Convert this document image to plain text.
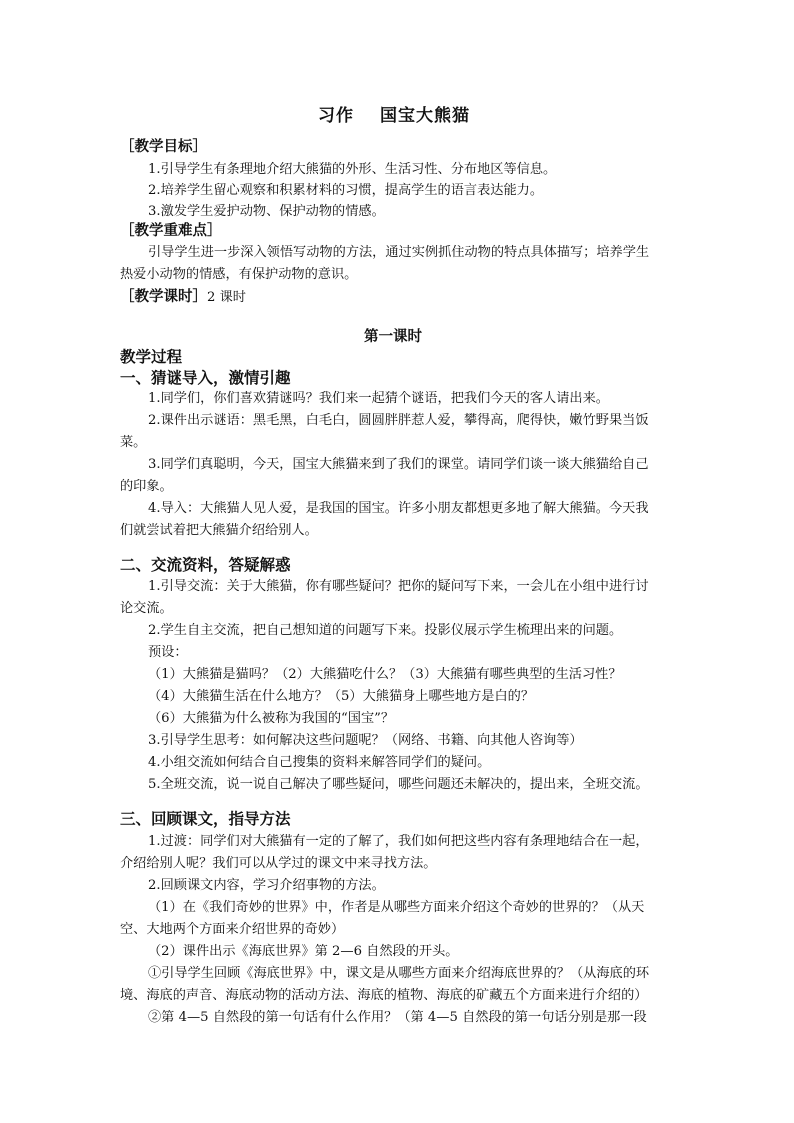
习作 国宝大熊猫
［教学目标］
1.引导学生有条理地介绍大熊猫的外形、生活习性、分布地区等信息。
2.培养学生留心观察和积累材料的习惯，提高学生的语言表达能力。
3.激发学生爱护动物、保护动物的情感。
［教学重难点］
引导学生进一步深入领悟写动物的方法，通过实例抓住动物的特点具体描写；培养学生
热爱小动物的情感，有保护动物的意识。
［教学课时］2 课时
第一课时
教学过程
一、猜谜导入，激情引趣
1.同学们，你们喜欢猜谜吗？我们来一起猜个谜语，把我们今天的客人请出来。
2.课件出示谜语：黑毛黑，白毛白，圆圆胖胖惹人爱，攀得高，爬得快，嫩竹野果当饭
菜。
3.同学们真聪明，今天，国宝大熊猫来到了我们的课堂。请同学们谈一谈大熊猫给自己
的印象。
4.导入：大熊猫人见人爱，是我国的国宝。许多小朋友都想更多地了解大熊猫。今天我
们就尝试着把大熊猫介绍给别人。
二、交流资料，答疑解惑
1.引导交流：关于大熊猫，你有哪些疑问？把你的疑问写下来，一会儿在小组中进行讨
论交流。
2.学生自主交流，把自己想知道的问题写下来。投影仪展示学生梳理出来的问题。
预设：
（1）大熊猫是猫吗？（2）大熊猫吃什么？（3）大熊猫有哪些典型的生活习性？
（4）大熊猫生活在什么地方？（5）大熊猫身上哪些地方是白的？
（6）大熊猫为什么被称为我国的“国宝”？
3.引导学生思考：如何解决这些问题呢？（网络、书籍、向其他人咨询等）
4.小组交流如何结合自己搜集的资料来解答同学们的疑问。
5.全班交流，说一说自己解决了哪些疑问，哪些问题还未解决的，提出来，全班交流。
三、回顾课文，指导方法
1.过渡：同学们对大熊猫有一定的了解了，我们如何把这些内容有条理地结合在一起，
介绍给别人呢？我们可以从学过的课文中来寻找方法。
2.回顾课文内容，学习介绍事物的方法。
（1）在《我们奇妙的世界》中，作者是从哪些方面来介绍这个奇妙的世界的？（从天
空、大地两个方面来介绍世界的奇妙）
（2）课件出示《海底世界》第 2—6 自然段的开头。
①引导学生回顾《海底世界》中，课文是从哪些方面来介绍海底世界的？（从海底的环
境、海底的声音、海底动物的活动方法、海底的植物、海底的矿藏五个方面来进行介绍的）
②第 4—5 自然段的第一句话有什么作用？（第 4—5 自然段的第一句话分别是那一段
